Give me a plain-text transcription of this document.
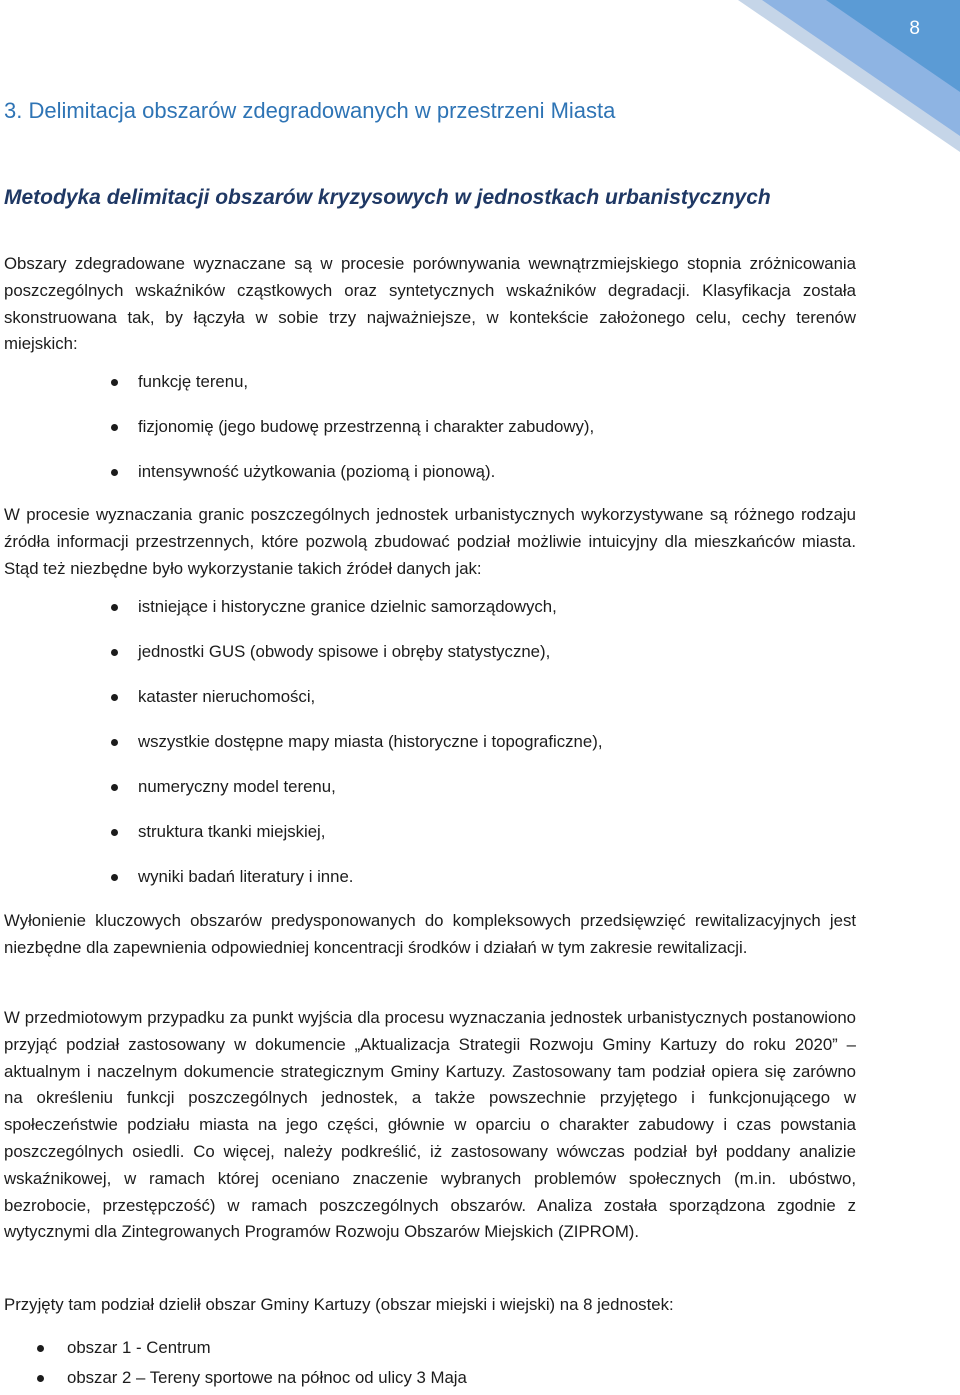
8
3. Delimitacja obszarów zdegradowanych w przestrzeni Miasta
Metodyka delimitacji obszarów kryzysowych w jednostkach urbanistycznych

Obszary zdegradowane wyznaczane są w procesie porównywania wewnątrzmiejskiego stopnia zróżnicowania poszczególnych wskaźników cząstkowych oraz syntetycznych wskaźników degradacji. Klasyfikacja została skonstruowana tak, by łączyła w sobie trzy najważniejsze, w kontekście założonego celu, cechy terenów miejskich:

funkcję terenu,
fizjonomię (jego budowę przestrzenną i charakter zabudowy),
intensywność użytkowania (poziomą i pionową).

W procesie wyznaczania granic poszczególnych jednostek urbanistycznych wykorzystywane są różnego rodzaju źródła informacji przestrzennych, które pozwolą zbudować podział możliwie intuicyjny dla mieszkańców miasta. Stąd też niezbędne było wykorzystanie takich źródeł danych jak:

istniejące i historyczne granice dzielnic samorządowych,
jednostki GUS (obwody spisowe i obręby statystyczne),
kataster nieruchomości,
wszystkie dostępne mapy miasta (historyczne i topograficzne),
numeryczny model terenu,
struktura tkanki miejskiej,
wyniki badań literatury i inne.

Wyłonienie kluczowych obszarów predysponowanych do kompleksowych przedsięwzięć rewitalizacyjnych jest niezbędne dla zapewnienia odpowiedniej koncentracji środków i działań w tym zakresie rewitalizacji.

W przedmiotowym przypadku za punkt wyjścia dla procesu wyznaczania jednostek urbanistycznych postanowiono przyjąć podział zastosowany w dokumencie „Aktualizacja Strategii Rozwoju Gminy Kartuzy do roku 2020” – aktualnym i naczelnym dokumencie strategicznym Gminy Kartuzy. Zastosowany tam podział opiera się zarówno na określeniu funkcji poszczególnych jednostek, a także powszechnie przyjętego i funkcjonującego w społeczeństwie podziału miasta na jego części, głównie w oparciu o charakter zabudowy i czas powstania poszczególnych osiedli. Co więcej, należy podkreślić, iż zastosowany wówczas podział był poddany analizie wskaźnikowej, w ramach której oceniano znaczenie wybranych problemów społecznych (m.in. ubóstwo, bezrobocie, przestępczość) w ramach poszczególnych obszarów. Analiza została sporządzona zgodnie z wytycznymi dla Zintegrowanych Programów Rozwoju Obszarów Miejskich (ZIPROM).

Przyjęty tam podział dzielił obszar Gminy Kartuzy (obszar miejski i wiejski) na 8 jednostek:

obszar 1 - Centrum
obszar 2 – Tereny sportowe na północ od ulicy 3 Maja
